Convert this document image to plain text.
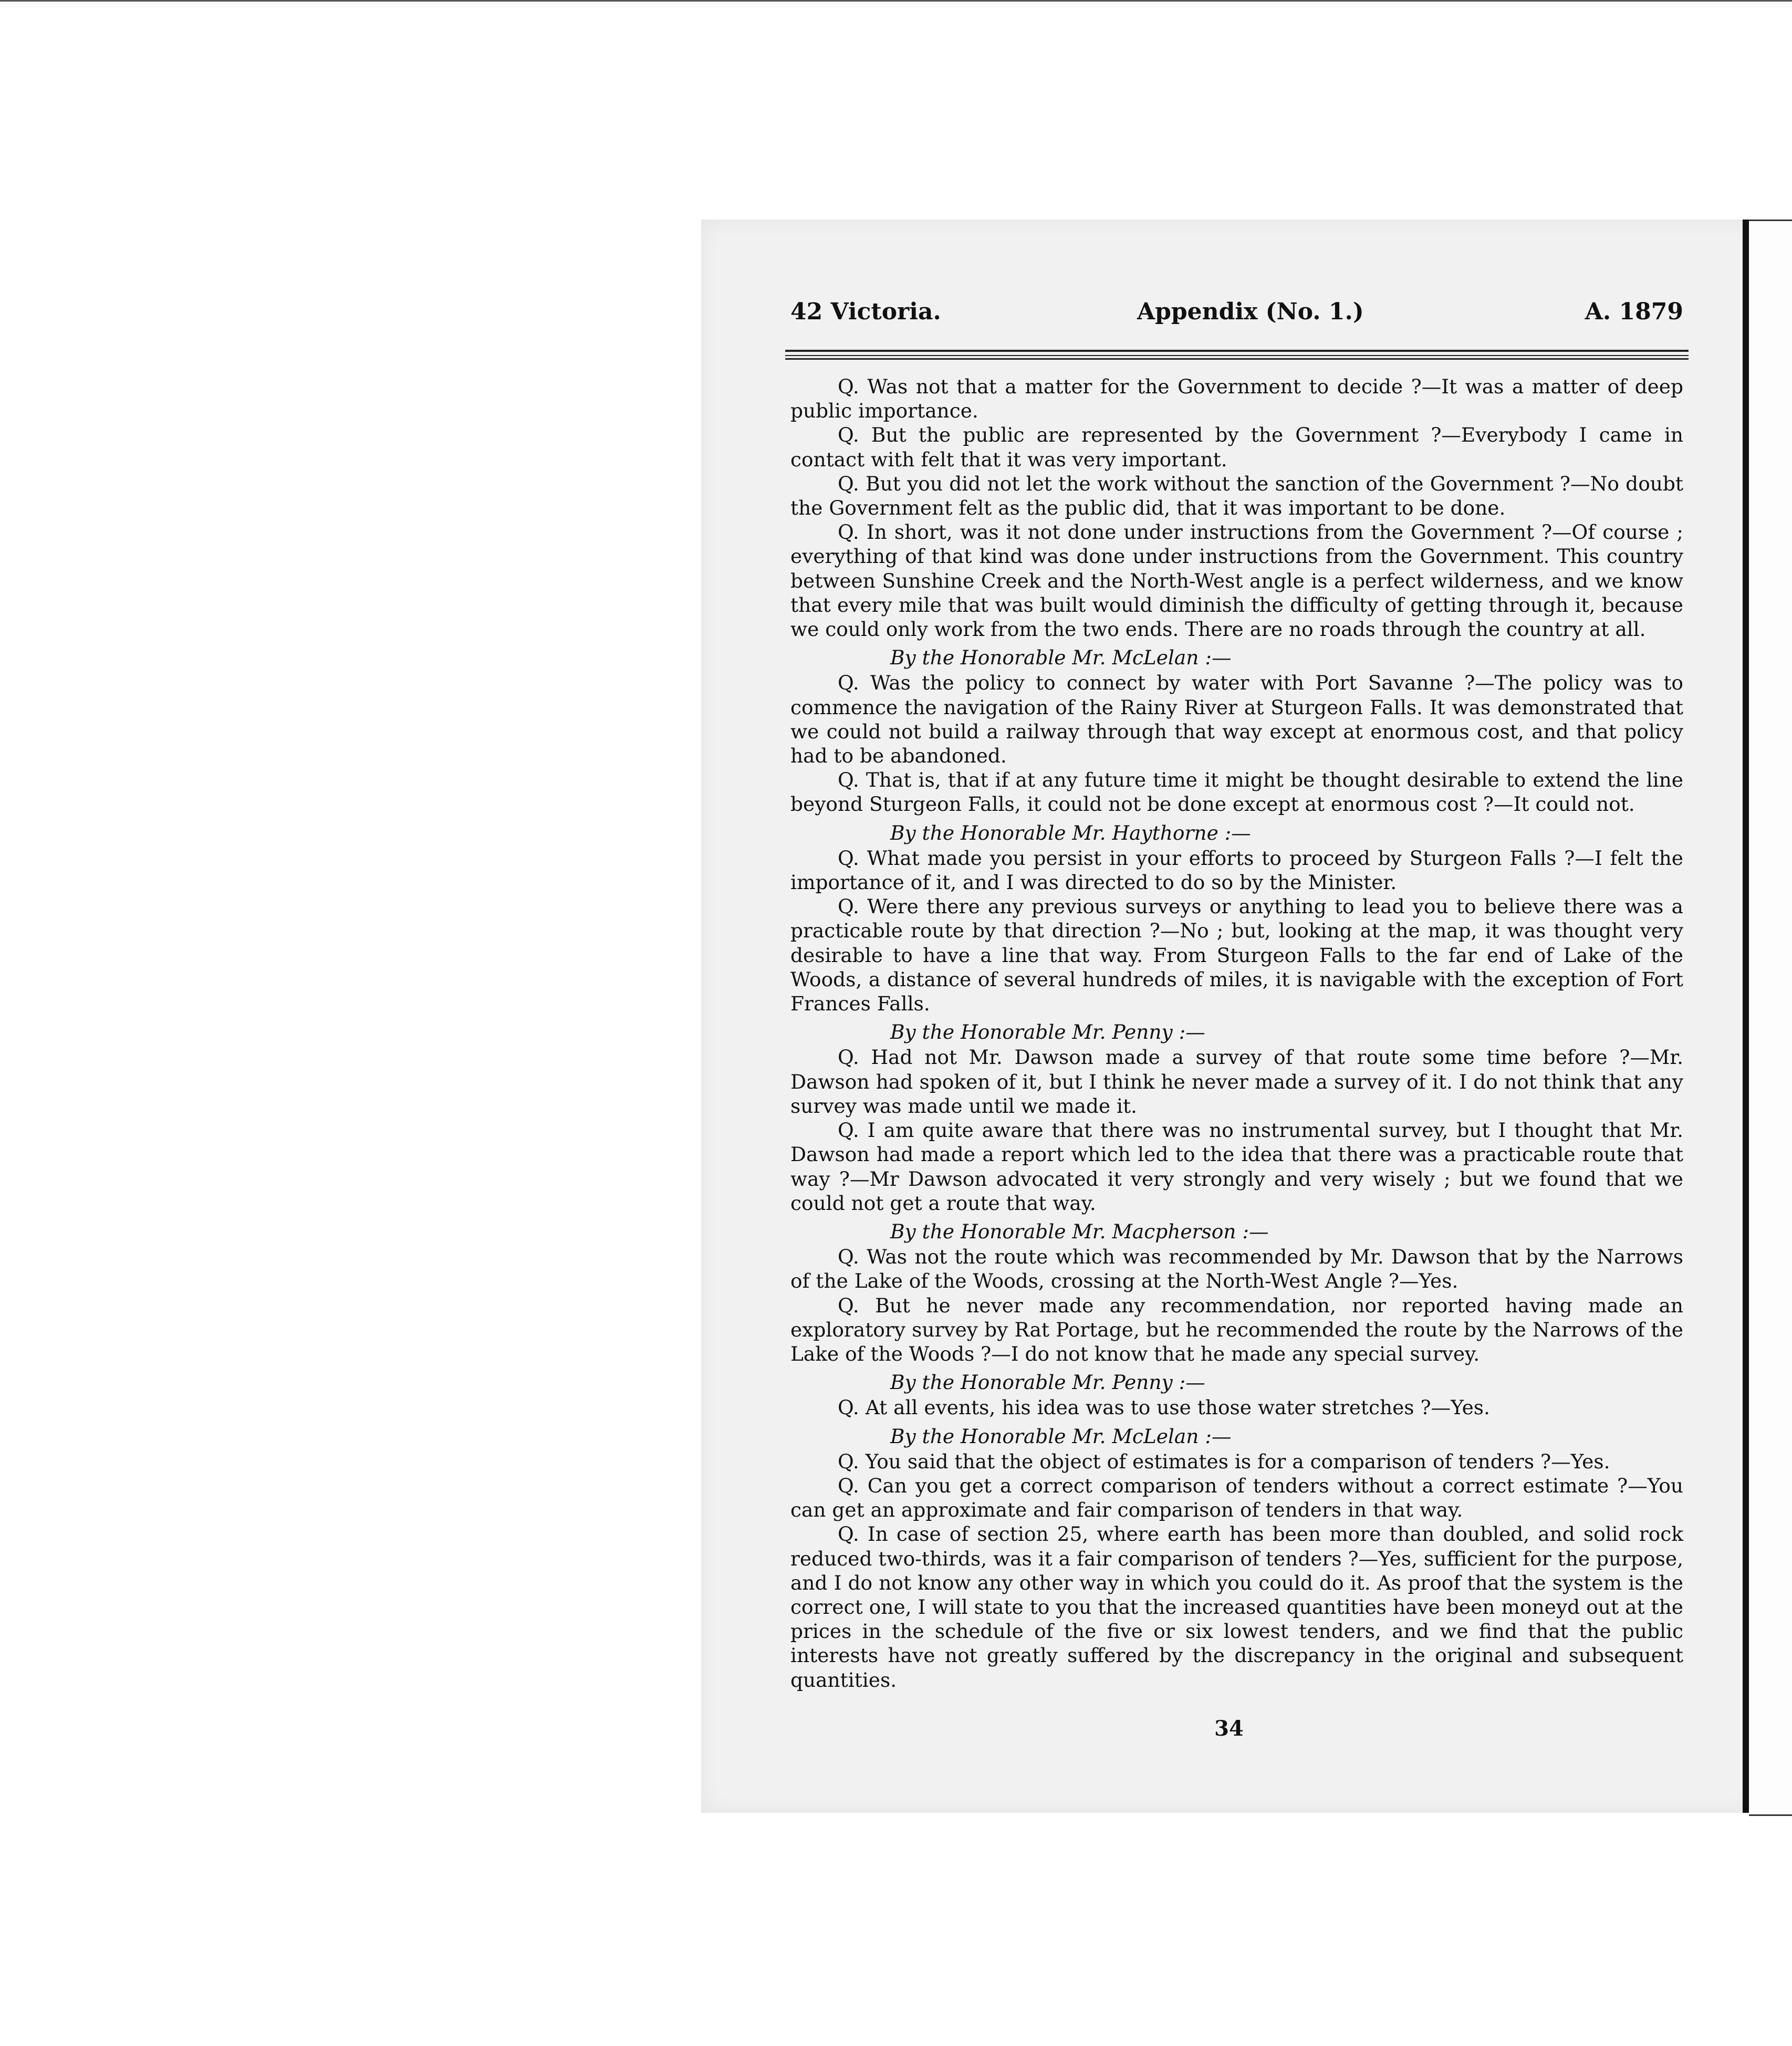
42 Victoria.	Appendix (No. 1.)	A. 1879

Q. Was not that a matter for the Government to decide ?—It was a matter of deep public importance.

Q. But the public are represented by the Government ?—Everybody I came in contact with felt that it was very important.

Q. But you did not let the work without the sanction of the Government ?—No doubt the Government felt as the public did, that it was important to be done.

Q. In short, was it not done under instructions from the Government ?—Of course ; everything of that kind was done under instructions from the Government. This country between Sunshine Creek and the North-West angle is a perfect wilderness, and we know that every mile that was built would diminish the difficulty of getting through it, because we could only work from the two ends. There are no roads through the country at all.

By the Honorable Mr. McLelan :—

Q. Was the policy to connect by water with Port Savanne ?—The policy was to commence the navigation of the Rainy River at Sturgeon Falls. It was demonstrated that we could not build a railway through that way except at enormous cost, and that policy had to be abandoned.

Q. That is, that if at any future time it might be thought desirable to extend the line beyond Sturgeon Falls, it could not be done except at enormous cost ?—It could not.

By the Honorable Mr. Haythorne :—

Q. What made you persist in your efforts to proceed by Sturgeon Falls ?—I felt the importance of it, and I was directed to do so by the Minister.

Q. Were there any previous surveys or anything to lead you to believe there was a practicable route by that direction ?—No ; but, looking at the map, it was thought very desirable to have a line that way. From Sturgeon Falls to the far end of Lake of the Woods, a distance of several hundreds of miles, it is navigable with the exception of Fort Frances Falls.

By the Honorable Mr. Penny :—

Q. Had not Mr. Dawson made a survey of that route some time before ?—Mr. Dawson had spoken of it, but I think he never made a survey of it. I do not think that any survey was made until we made it.

Q. I am quite aware that there was no instrumental survey, but I thought that Mr. Dawson had made a report which led to the idea that there was a practicable route that way ?—Mr Dawson advocated it very strongly and very wisely ; but we found that we could not get a route that way.

By the Honorable Mr. Macpherson :—

Q. Was not the route which was recommended by Mr. Dawson that by the Narrows of the Lake of the Woods, crossing at the North-West Angle ?—Yes.

Q. But he never made any recommendation, nor reported having made an exploratory survey by Rat Portage, but he recommended the route by the Narrows of the Lake of the Woods ?—I do not know that he made any special survey.

By the Honorable Mr. Penny :—

Q. At all events, his idea was to use those water stretches ?—Yes.

By the Honorable Mr. McLelan :—

Q. You said that the object of estimates is for a comparison of tenders ?—Yes.

Q. Can you get a correct comparison of tenders without a correct estimate ?—You can get an approximate and fair comparison of tenders in that way.

Q. In case of section 25, where earth has been more than doubled, and solid rock reduced two-thirds, was it a fair comparison of tenders ?—Yes, sufficient for the purpose, and I do not know any other way in which you could do it. As proof that the system is the correct one, I will state to you that the increased quantities have been moneyd out at the prices in the schedule of the five or six lowest tenders, and we find that the public interests have not greatly suffered by the discrepancy in the original and subsequent quantities.

34
